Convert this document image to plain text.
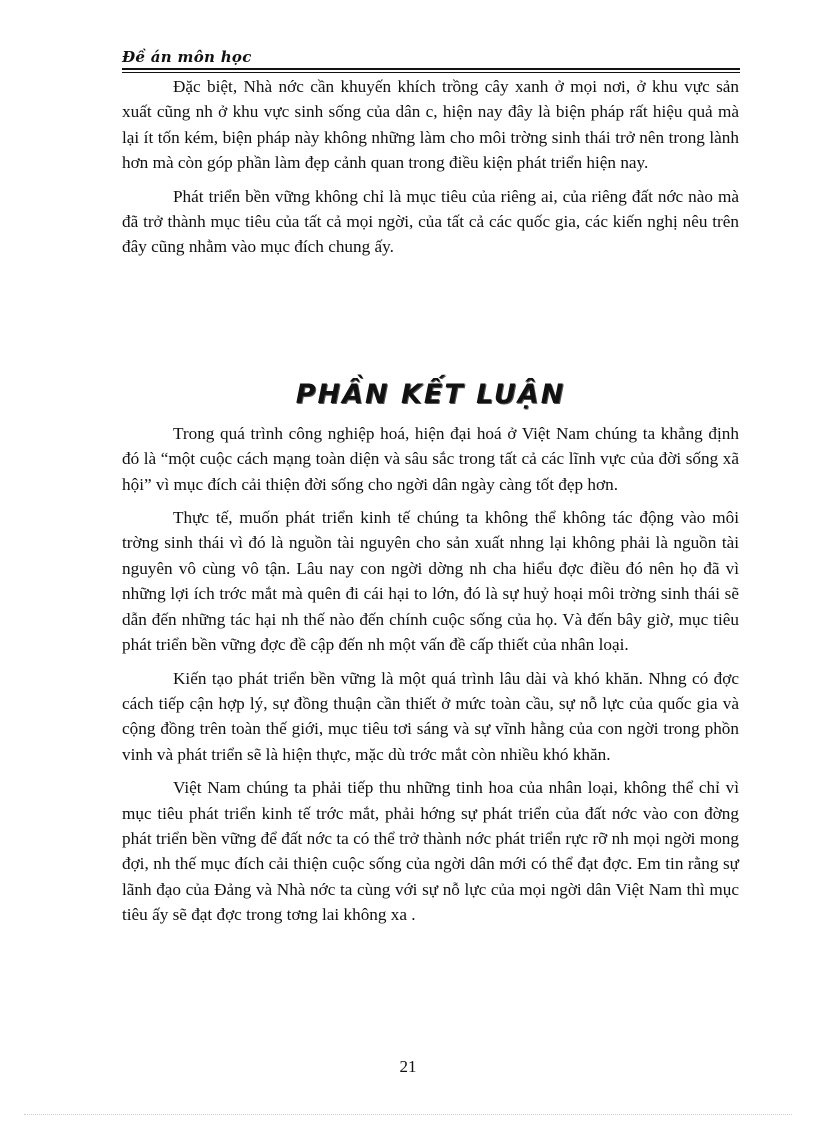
Đề án môn học

Đặc biệt, Nhà nớc cần khuyến khích trồng cây xanh ở mọi nơi, ở khu vực sản xuất cũng nh ở khu vực sinh sống của dân c, hiện nay đây là biện pháp rất hiệu quả mà lại ít tốn kém, biện pháp này không những làm cho môi trờng sinh thái trở nên trong lành hơn mà còn góp phần làm đẹp cảnh quan trong điều kiện phát triển hiện nay.

Phát triển bền vững không chỉ là mục tiêu của riêng ai, của riêng đất nớc nào mà đã trở thành mục tiêu của tất cả mọi ngời, của tất cả các quốc gia, các kiến nghị nêu trên đây cũng nhằm vào mục đích chung ấy.

PHẦN KẾT LUẬN

Trong quá trình công nghiệp hoá, hiện đại hoá ở Việt Nam chúng ta khẳng định đó là “một cuộc cách mạng toàn diện và sâu sắc trong tất cả các lĩnh vực của đời sống xã hội” vì mục đích cải thiện đời sống cho ngời dân ngày càng tốt đẹp hơn.

Thực tế, muốn phát triển kinh tế chúng ta không thể không tác động vào môi trờng sinh thái vì đó là nguồn tài nguyên cho sản xuất nhng lại không phải là nguồn tài nguyên vô cùng vô tận. Lâu nay con ngời dờng nh cha hiểu đợc điều đó nên họ đã vì những lợi ích trớc mắt mà quên đi cái hại to lớn, đó là sự huỷ hoại môi trờng sinh thái sẽ dẫn đến những tác hại nh thế nào đến chính cuộc sống của họ. Và đến bây giờ, mục tiêu phát triển bền vững đợc đề cập đến nh một vấn đề cấp thiết của nhân loại.

Kiến tạo phát triển bền vững là một quá trình lâu dài và khó khăn. Nhng có đợc cách tiếp cận hợp lý, sự đồng thuận cần thiết ở mức toàn cầu, sự nỗ lực của quốc gia và cộng đồng trên toàn thế giới, mục tiêu tơi sáng và sự vĩnh hằng của con ngời trong phồn vinh và phát triển sẽ là hiện thực, mặc dù trớc mắt còn nhiều khó khăn.

Việt Nam chúng ta phải tiếp thu những tinh hoa của nhân loại, không thể chỉ vì mục tiêu phát triển kinh tế trớc mắt, phải hớng sự phát triển của đất nớc vào con đờng phát triển bền vững để đất nớc ta có thể trở thành nớc phát triển rực rỡ nh mọi ngời mong đợi, nh thế mục đích cải thiện cuộc sống của ngời dân mới có thể đạt đợc. Em tin rằng sự lãnh đạo của Đảng và Nhà nớc ta cùng với sự nỗ lực của mọi ngời dân Việt Nam thì mục tiêu ấy sẽ đạt đợc trong tơng lai không xa .

21
